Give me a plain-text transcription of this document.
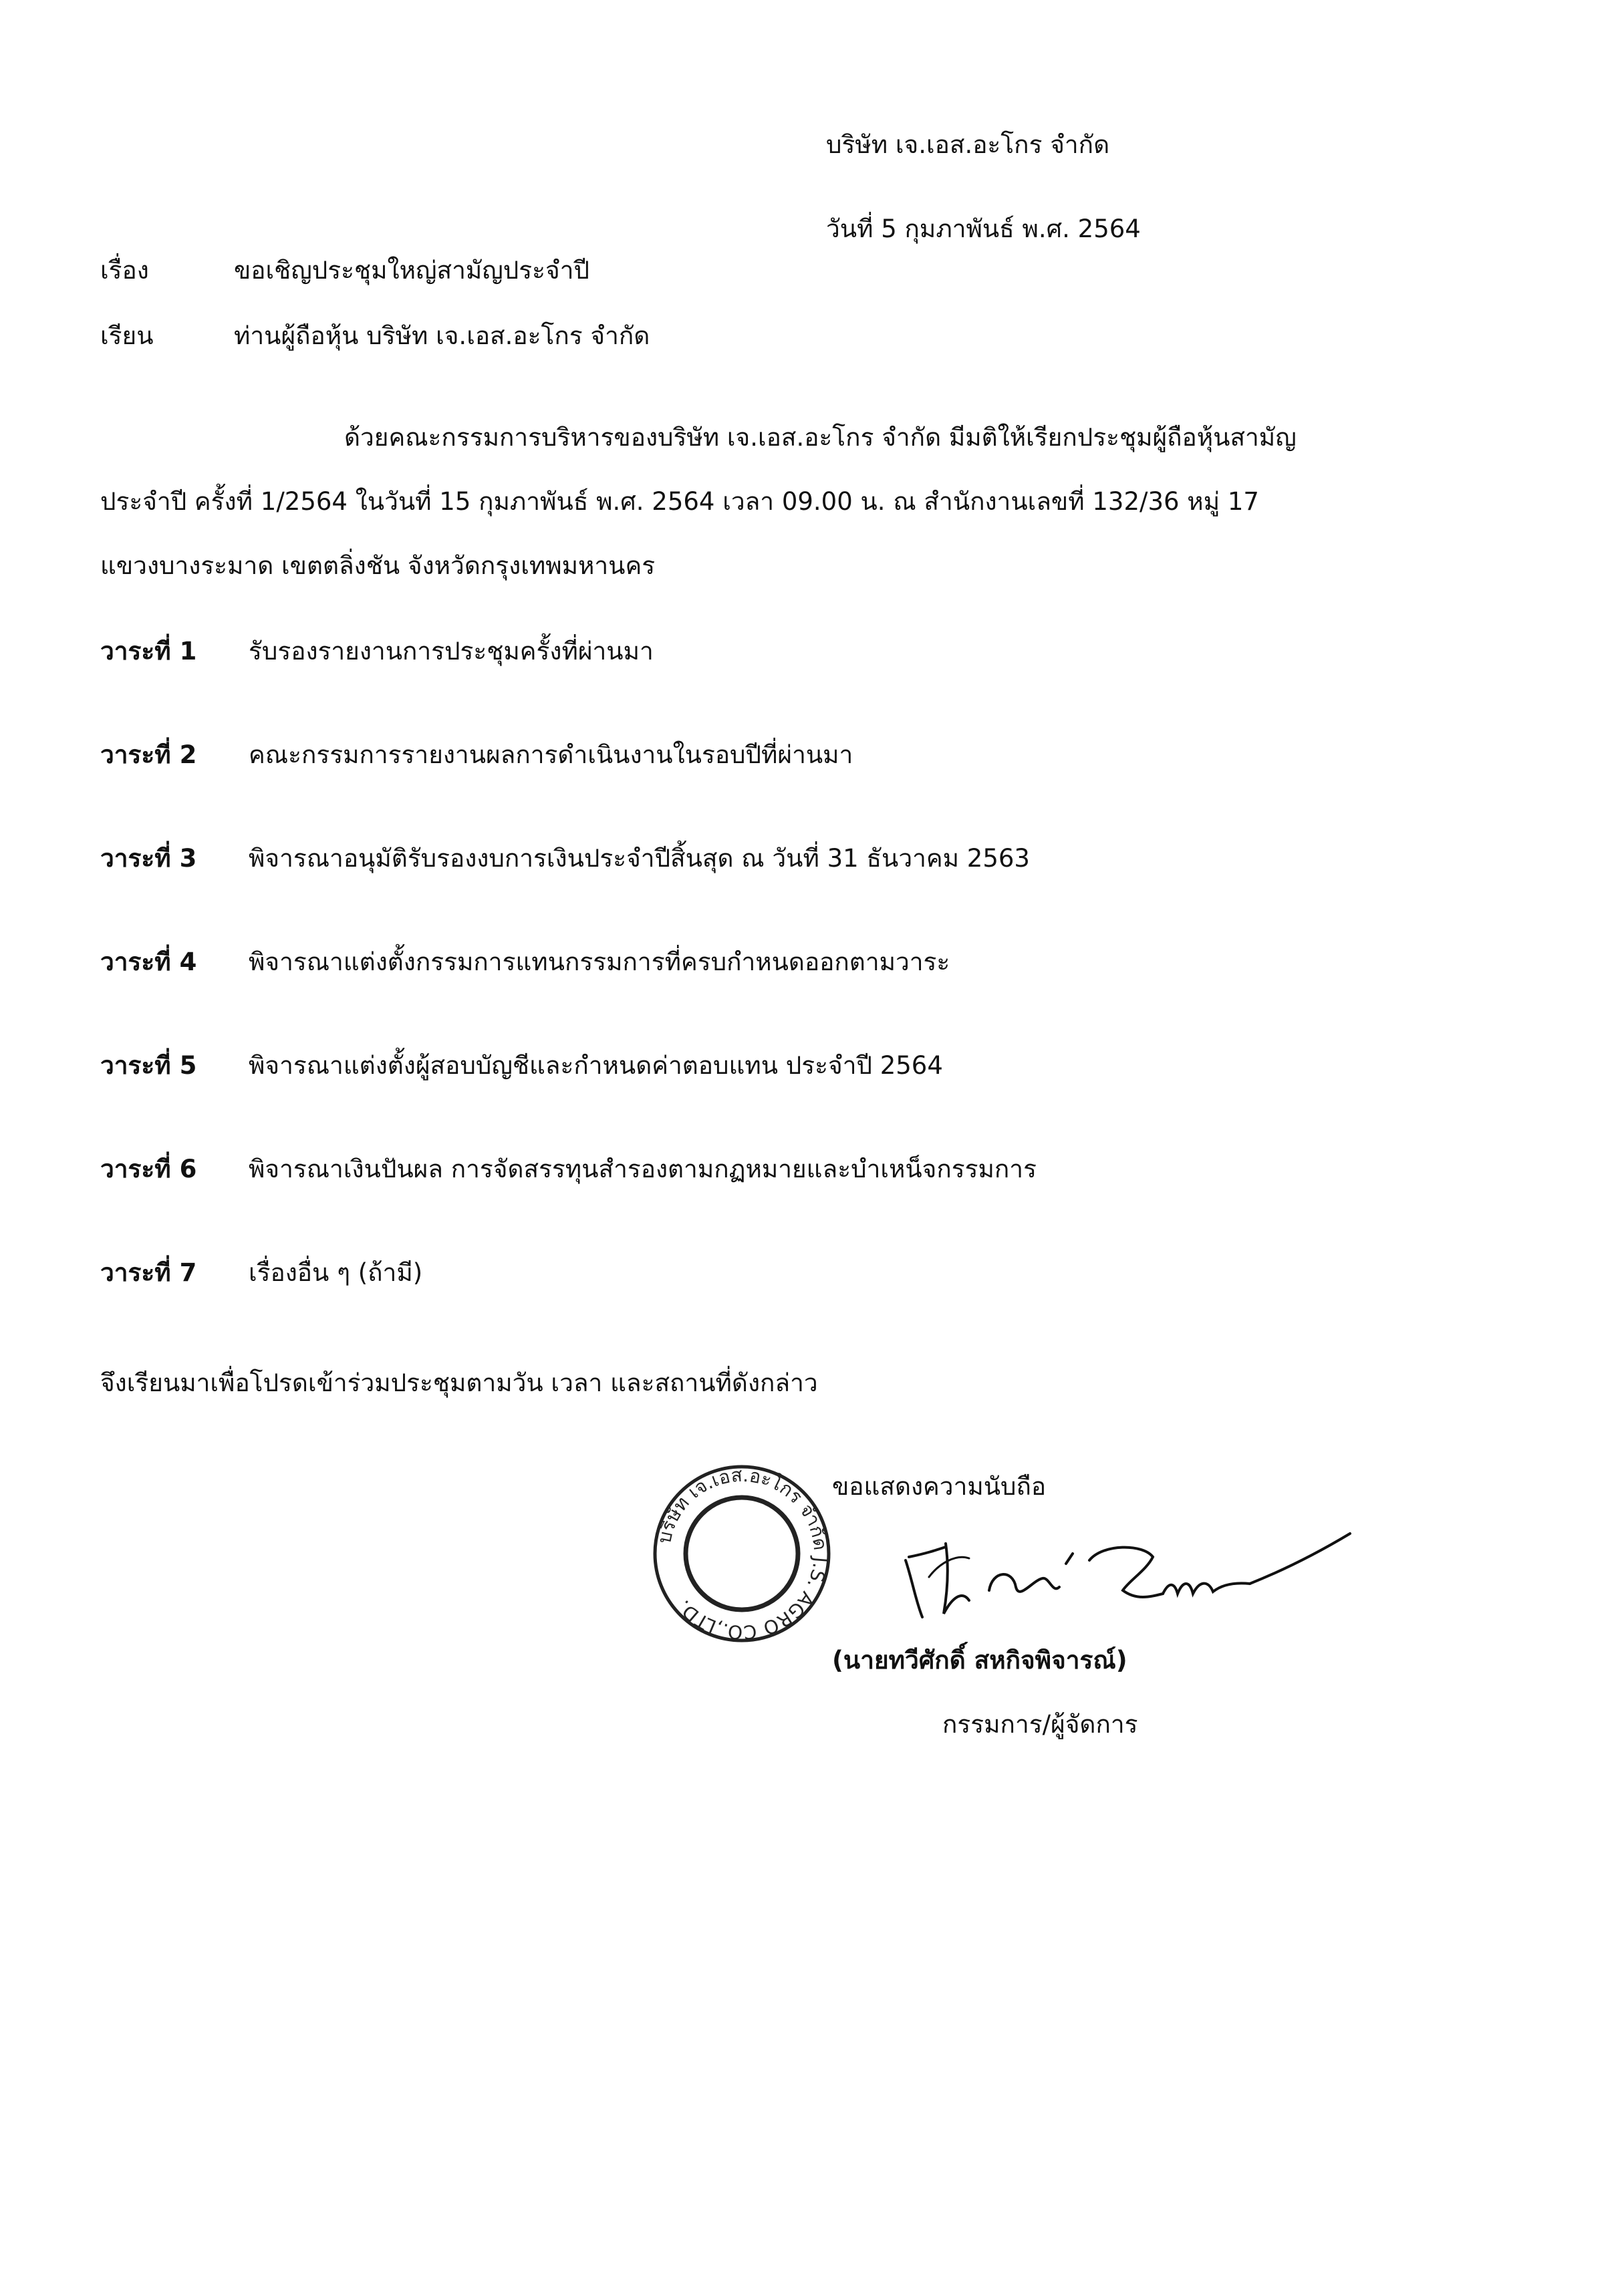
บริษัท เจ.เอส.อะโกร จำกัด
วันที่ 5 กุมภาพันธ์ พ.ศ. 2564
เรื่อง	ขอเชิญประชุมใหญ่สามัญประจำปี
เรียน	ท่านผู้ถือหุ้น บริษัท เจ.เอส.อะโกร จำกัด
ด้วยคณะกรรมการบริหารของบริษัท เจ.เอส.อะโกร จำกัด มีมติให้เรียกประชุมผู้ถือหุ้นสามัญ
ประจำปี ครั้งที่ 1/2564 ในวันที่ 15 กุมภาพันธ์ พ.ศ. 2564 เวลา 09.00 น. ณ สำนักงานเลขที่ 132/36 หมู่ 17
แขวงบางระมาด เขตตลิ่งชัน จังหวัดกรุงเทพมหานคร
วาระที่ 1 รับรองรายงานการประชุมครั้งที่ผ่านมา
วาระที่ 2 คณะกรรมการรายงานผลการดำเนินงานในรอบปีที่ผ่านมา
วาระที่ 3 พิจารณาอนุมัติรับรองงบการเงินประจำปีสิ้นสุด ณ วันที่ 31 ธันวาคม 2563
วาระที่ 4 พิจารณาแต่งตั้งกรรมการแทนกรรมการที่ครบกำหนดออกตามวาระ
วาระที่ 5 พิจารณาแต่งตั้งผู้สอบบัญชีและกำหนดค่าตอบแทน ประจำปี 2564
วาระที่ 6 พิจารณาเงินปันผล การจัดสรรทุนสำรองตามกฏหมายและบำเหน็จกรรมการ
วาระที่ 7 เรื่องอื่น ๆ (ถ้ามี)
จึงเรียนมาเพื่อโปรดเข้าร่วมประชุมตามวัน เวลา และสถานที่ดังกล่าว
บริษัท เจ.เอส.อะโกร จำกัด J.S. AGRO CO.,LTD.
ขอแสดงความนับถือ
(นายทวีศักดิ์ สหกิจพิจารณ์)
กรรมการ/ผู้จัดการ
